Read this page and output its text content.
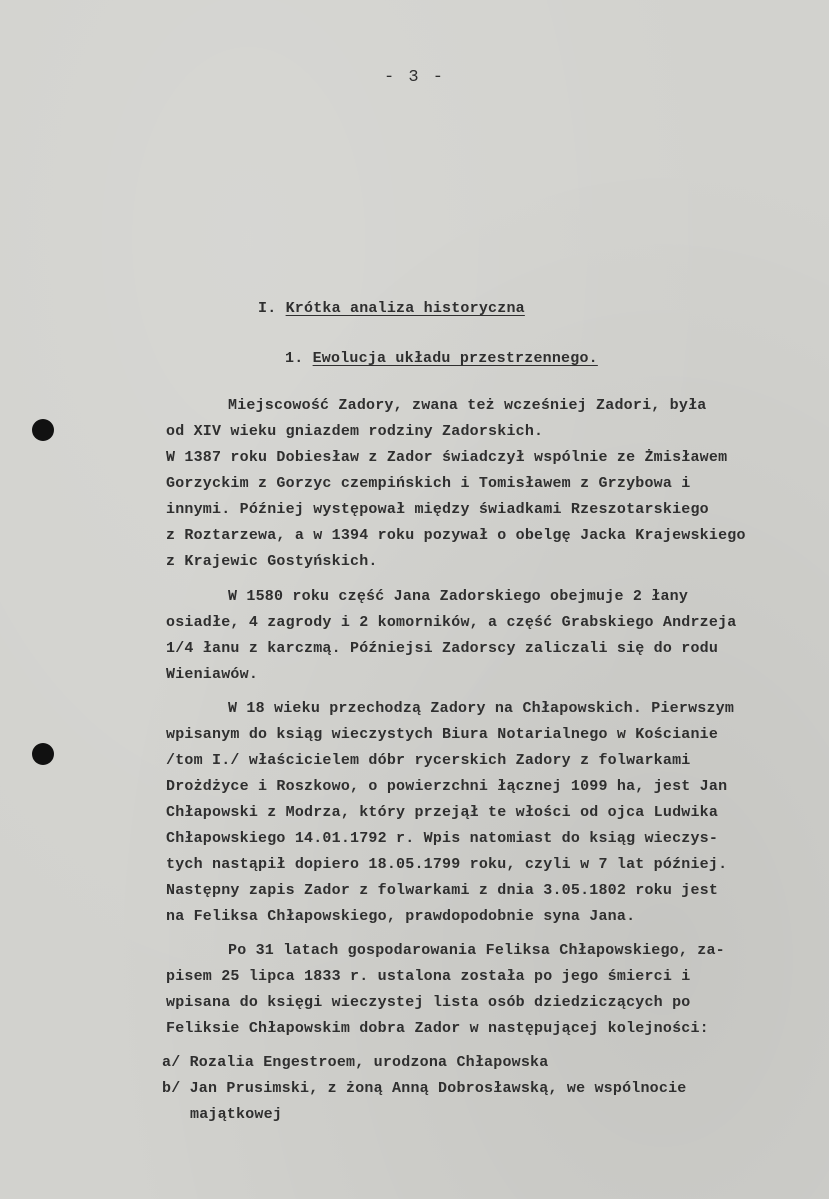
- 3 -
I. Krótka analiza historyczna
1. Ewolucja układu przestrzennego.
Miejscowość Zadory, zwana też wcześniej Zadori, była
od XIV wieku gniazdem rodziny Zadorskich.
W 1387 roku Dobiesław z Zador świadczył wspólnie ze Żmisławem
Gorzyckim z Gorzyc czempińskich i Tomisławem z Grzybowa i
innymi. Później występował między świadkami Rzeszotarskiego
z Roztarzewa, a w 1394 roku pozywał o obelgę Jacka Krajewskiego
z Krajewic Gostyńskich.
W 1580 roku część Jana Zadorskiego obejmuje 2 łany
osiadłe, 4 zagrody i 2 komorników, a część Grabskiego Andrzeja
1/4 łanu z karczmą. Późniejsi Zadorscy zaliczali się do rodu
Wieniawów.
W 18 wieku przechodzą Zadory na Chłapowskich. Pierwszym
wpisanym do ksiąg wieczystych Biura Notarialnego w Kościanie
/tom I./ właścicielem dóbr rycerskich Zadory z folwarkami
Drożdżyce i Roszkowo, o powierzchni łącznej 1099 ha, jest Jan
Chłapowski z Modrza, który przejął te włości od ojca Ludwika
Chłapowskiego 14.01.1792 r. Wpis natomiast do ksiąg wieczys-
tych nastąpił dopiero 18.05.1799 roku, czyli w 7 lat później.
Następny zapis Zador z folwarkami z dnia 3.05.1802 roku jest
na Feliksa Chłapowskiego, prawdopodobnie syna Jana.
Po 31 latach gospodarowania Feliksa Chłapowskiego, za-
pisem 25 lipca 1833 r. ustalona została po jego śmierci i
wpisana do księgi wieczystej lista osób dziedziczących po
Feliksie Chłapowskim dobra Zador w następującej kolejności:
a/ Rozalia Engestroem, urodzona Chłapowska
b/ Jan Prusimski, z żoną Anną Dobrosławską, we wspólnocie
majątkowej
